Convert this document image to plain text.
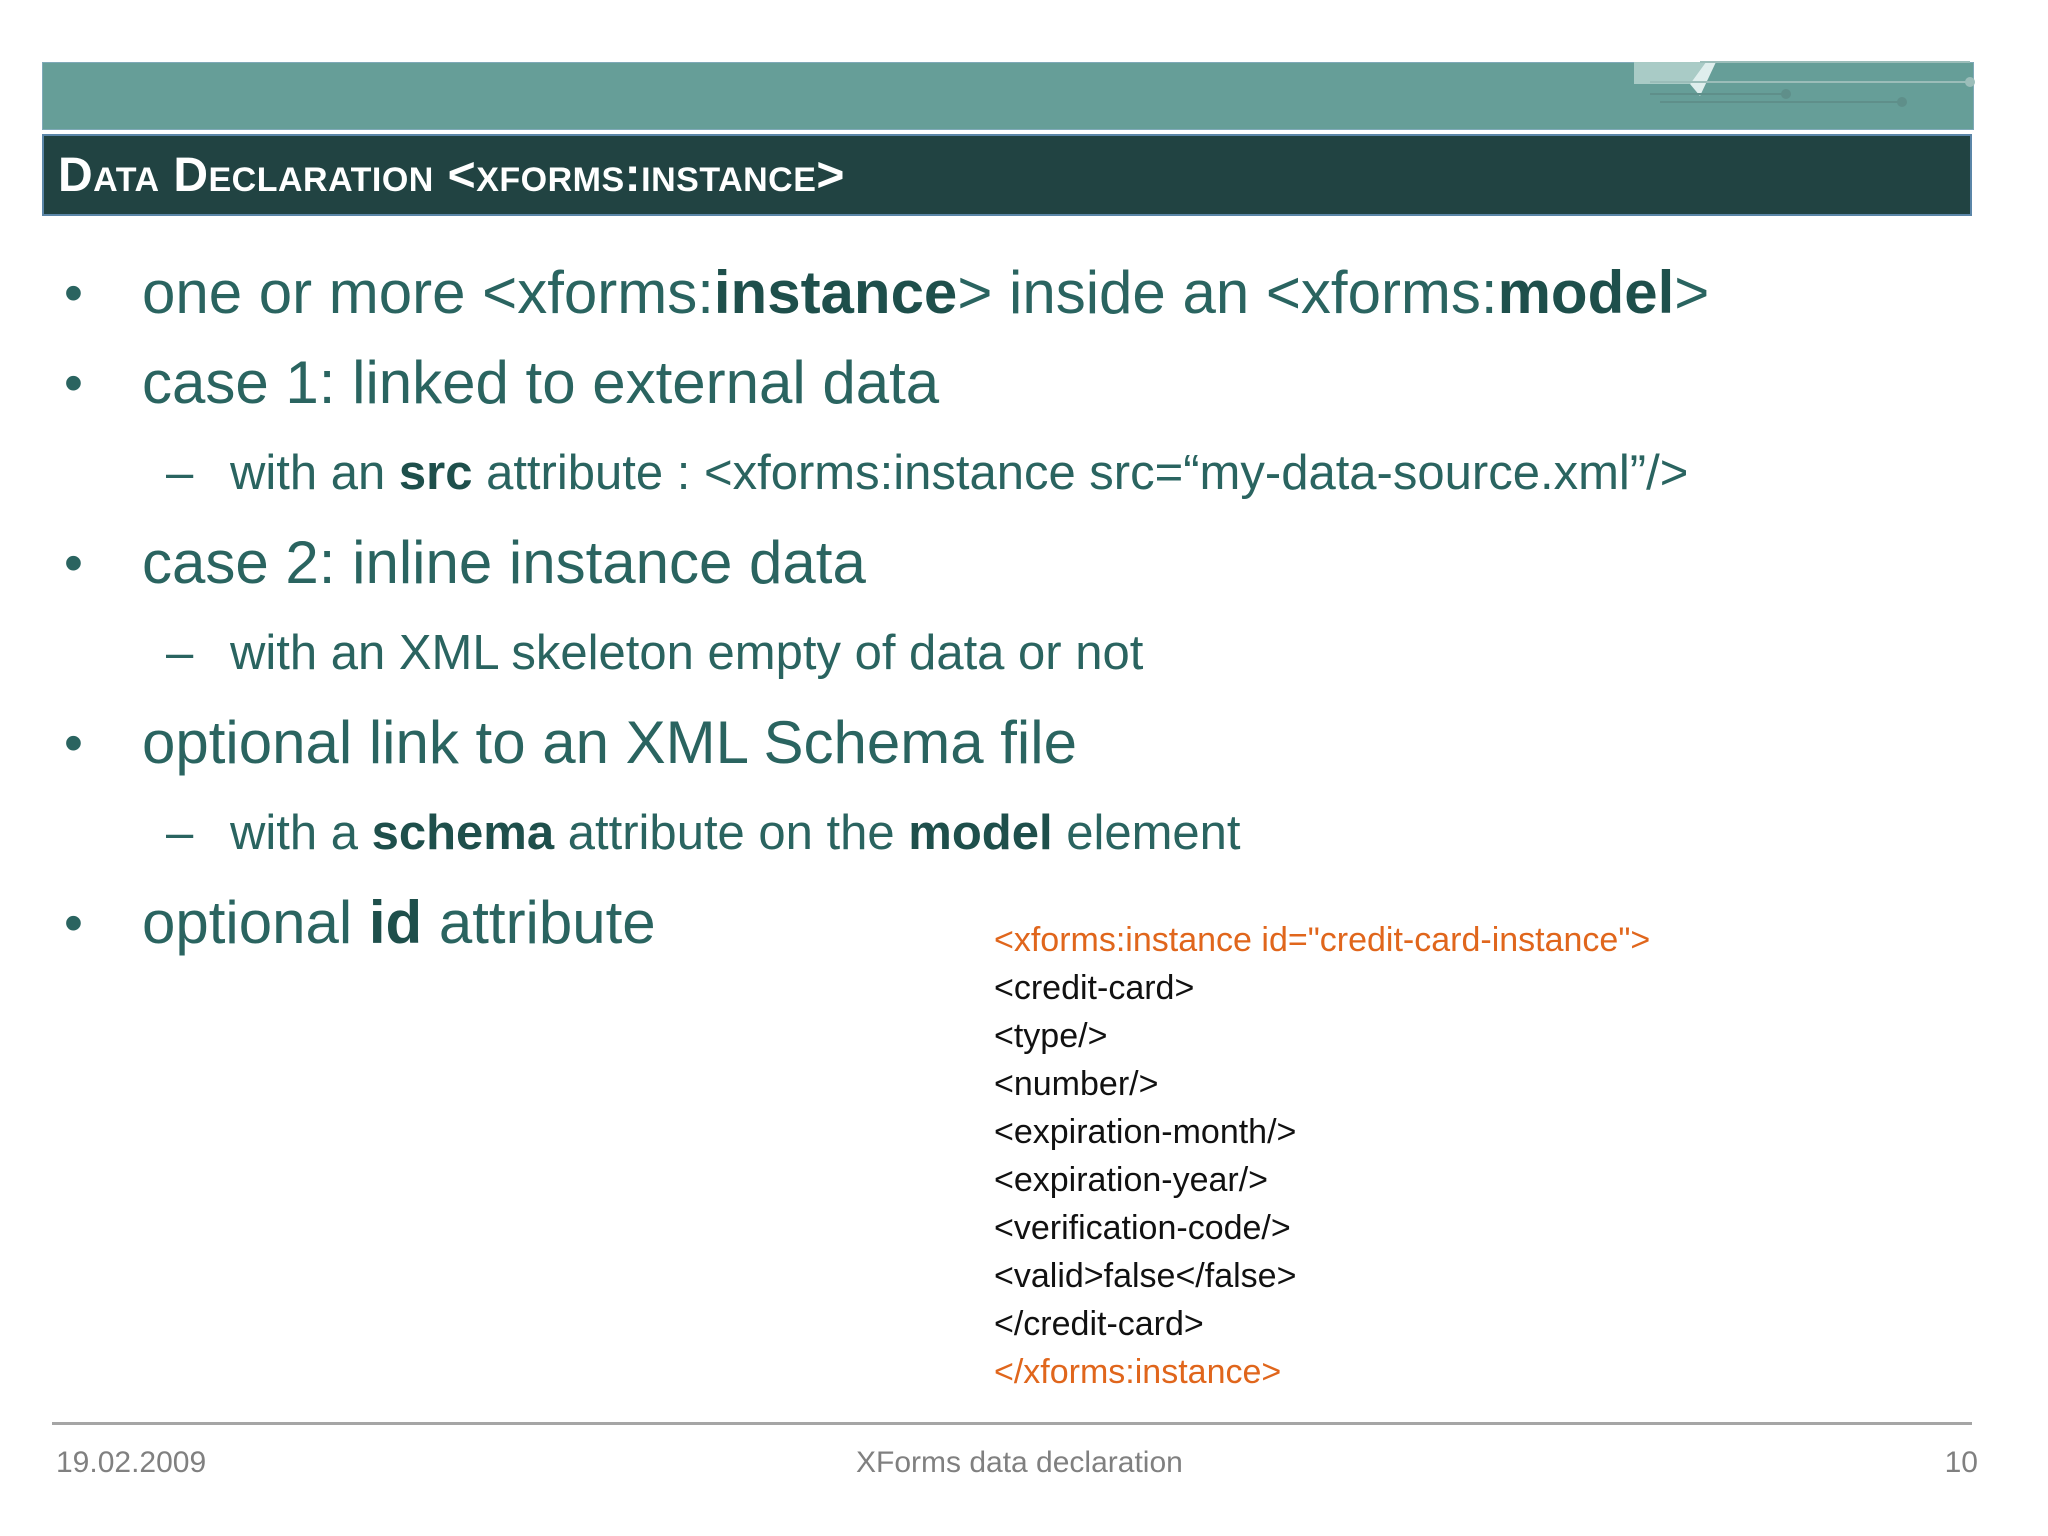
Data Declaration <xforms:instance>
• one or more <xforms:instance> inside an <xforms:model>
• case 1: linked to external data
– with an src attribute : <xforms:instance src=“my-data-source.xml”/>
• case 2: inline instance data
– with an XML skeleton empty of data or not
• optional link to an XML Schema file
– with a schema attribute on the model element
• optional id attribute	<xforms:instance id="credit-card-instance">
<credit-card>
<type/>
<number/>
<expiration-month/>
<expiration-year/>
<verification-code/>
<valid>false</false>
</credit-card>
</xforms:instance>
19.02.2009	XForms data declaration	10
